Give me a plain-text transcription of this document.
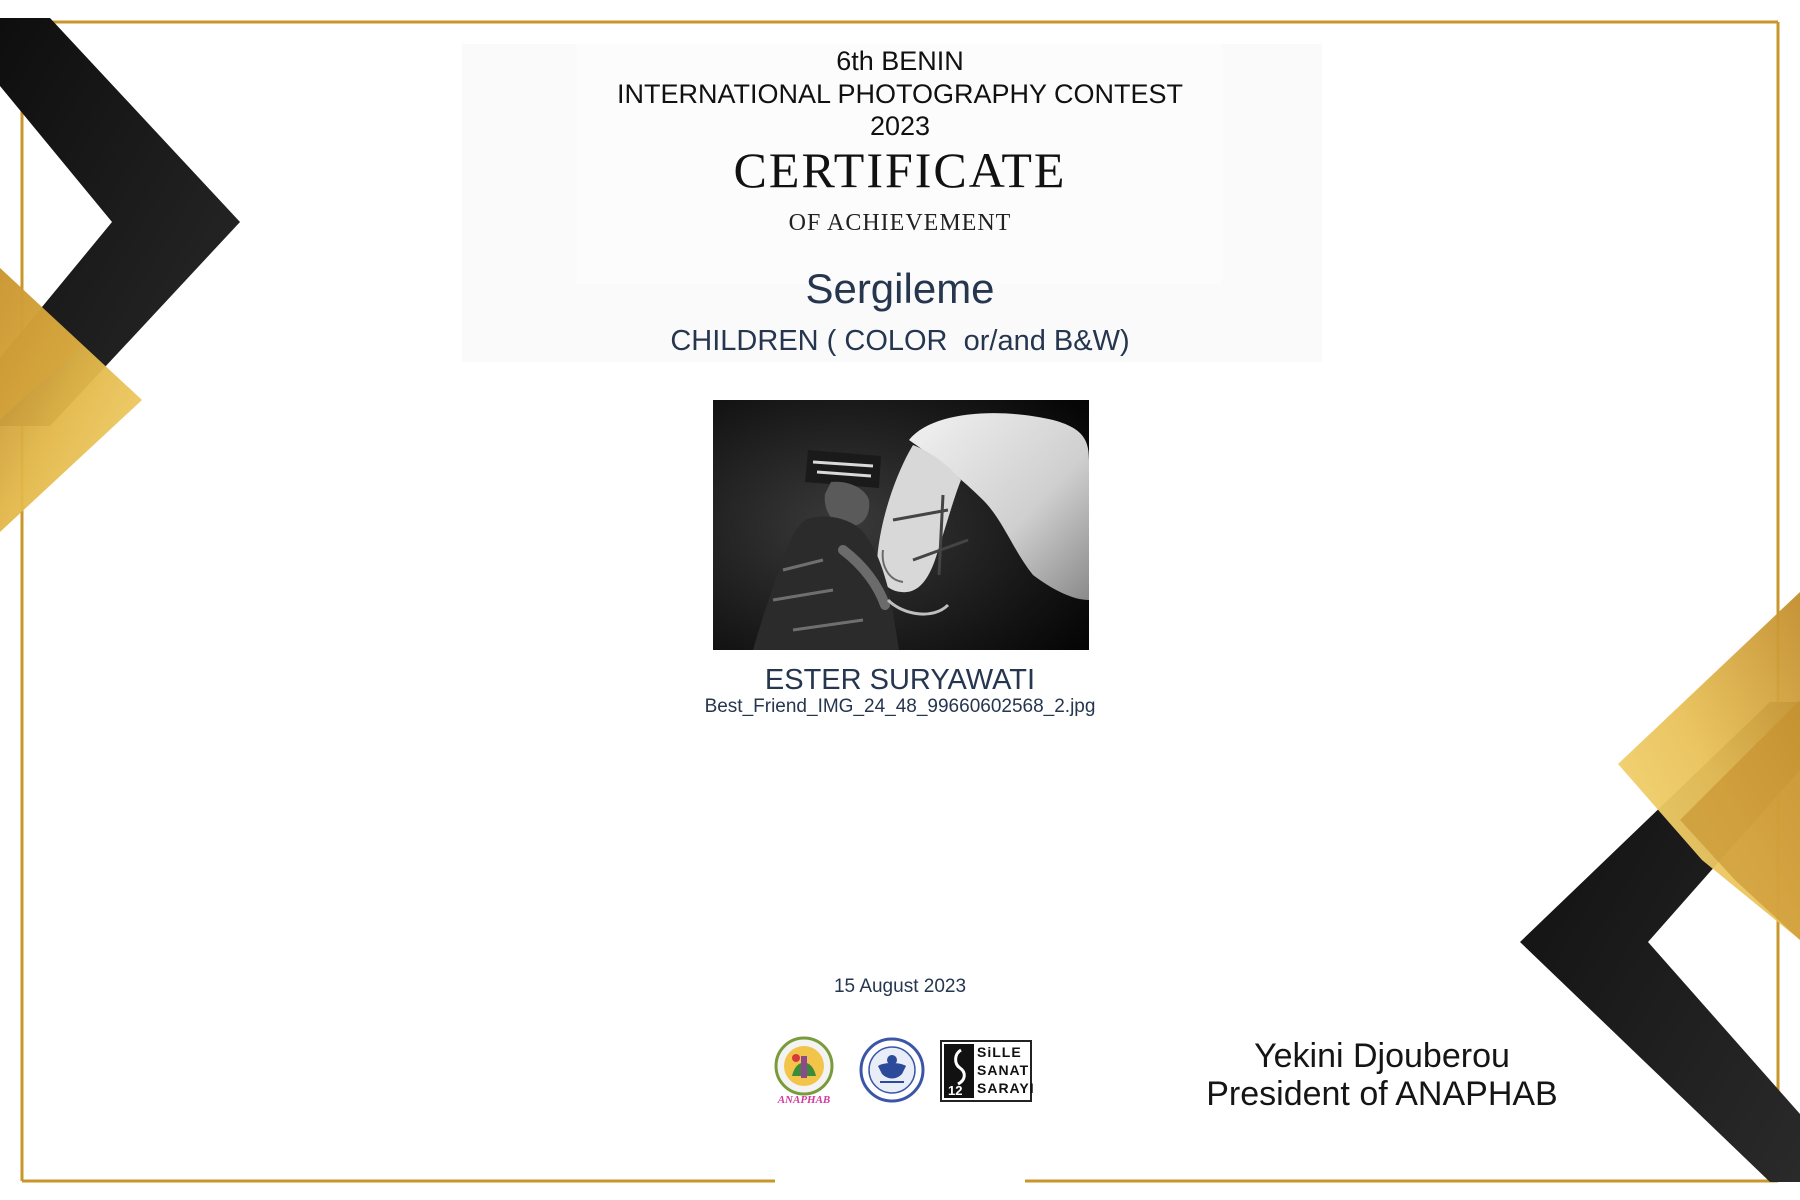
6th BENIN

INTERNATIONAL PHOTOGRAPHY CONTEST

2023

CERTIFICATE

OF ACHIEVEMENT

Sergileme

CHILDREN ( COLOR  or/and B&W)

ESTER SURYAWATI

Best_Friend_IMG_24_48_99660602568_2.jpg

15 August 2023

ANAPHAB
12
SiLLE
SANAT
SARAYI

Yekini Djouberou

President of ANAPHAB
